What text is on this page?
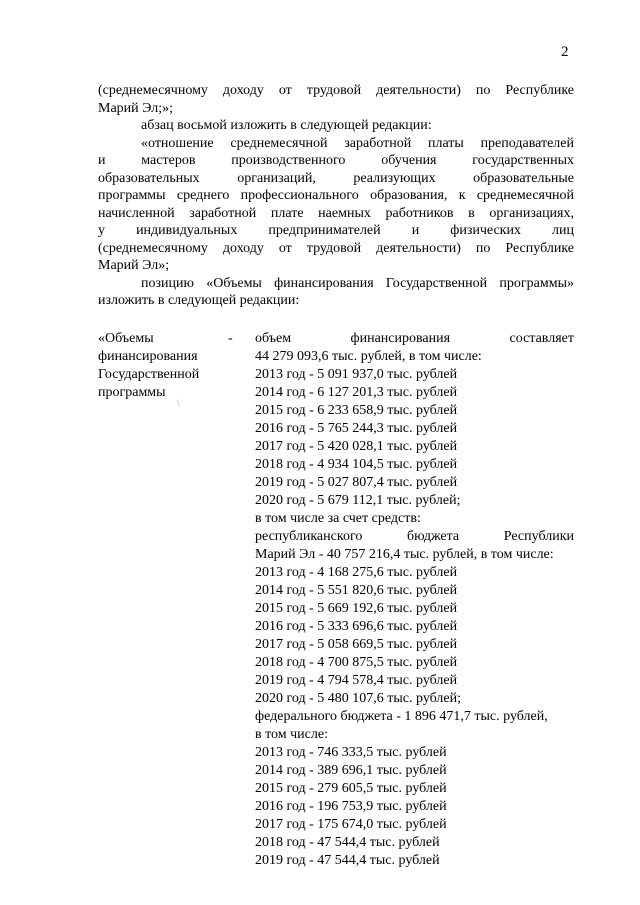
2

(среднемесячному доходу от трудовой деятельности) по Республике

Марий Эл;»;

абзац восьмой изложить в следующей редакции:

«отношение среднемесячной заработной платы преподавателей

и мастеров производственного обучения государственных

образовательных организаций, реализующих образовательные

программы среднего профессионального образования, к среднемесячной

начисленной заработной плате наемных работников в организациях,

у индивидуальных предпринимателей и физических лиц

(среднемесячному доходу от трудовой деятельности) по Республике

Марий Эл»;

позицию «Объемы финансирования Государственной программы»

изложить в следующей редакции:

«Объемы
финансирования
Государственной
программы
- объем финансирования составляет
44 279 093,6 тыс. рублей, в том числе:
2013 год - 5 091 937,0 тыс. рублей
2014 год - 6 127 201,3 тыс. рублей
2015 год - 6 233 658,9 тыс. рублей
2016 год - 5 765 244,3 тыс. рублей
2017 год - 5 420 028,1 тыс. рублей
2018 год - 4 934 104,5 тыс. рублей
2019 год - 5 027 807,4 тыс. рублей
2020 год - 5 679 112,1 тыс. рублей;
в том числе за счет средств:
республиканского бюджета Республики
Марий Эл - 40 757 216,4 тыс. рублей, в том числе:
2013 год - 4 168 275,6 тыс. рублей
2014 год - 5 551 820,6 тыс. рублей
2015 год - 5 669 192,6 тыс. рублей
2016 год - 5 333 696,6 тыс. рублей
2017 год - 5 058 669,5 тыс. рублей
2018 год - 4 700 875,5 тыс. рублей
2019 год - 4 794 578,4 тыс. рублей
2020 год - 5 480 107,6 тыс. рублей;
федерального бюджета - 1 896 471,7 тыс. рублей,
в том числе:
2013 год - 746 333,5 тыс. рублей
2014 год - 389 696,1 тыс. рублей
2015 год - 279 605,5 тыс. рублей
2016 год - 196 753,9 тыс. рублей
2017 год - 175 674,0 тыс. рублей
2018 год - 47 544,4 тыс. рублей
2019 год - 47 544,4 тыс. рублей
\
